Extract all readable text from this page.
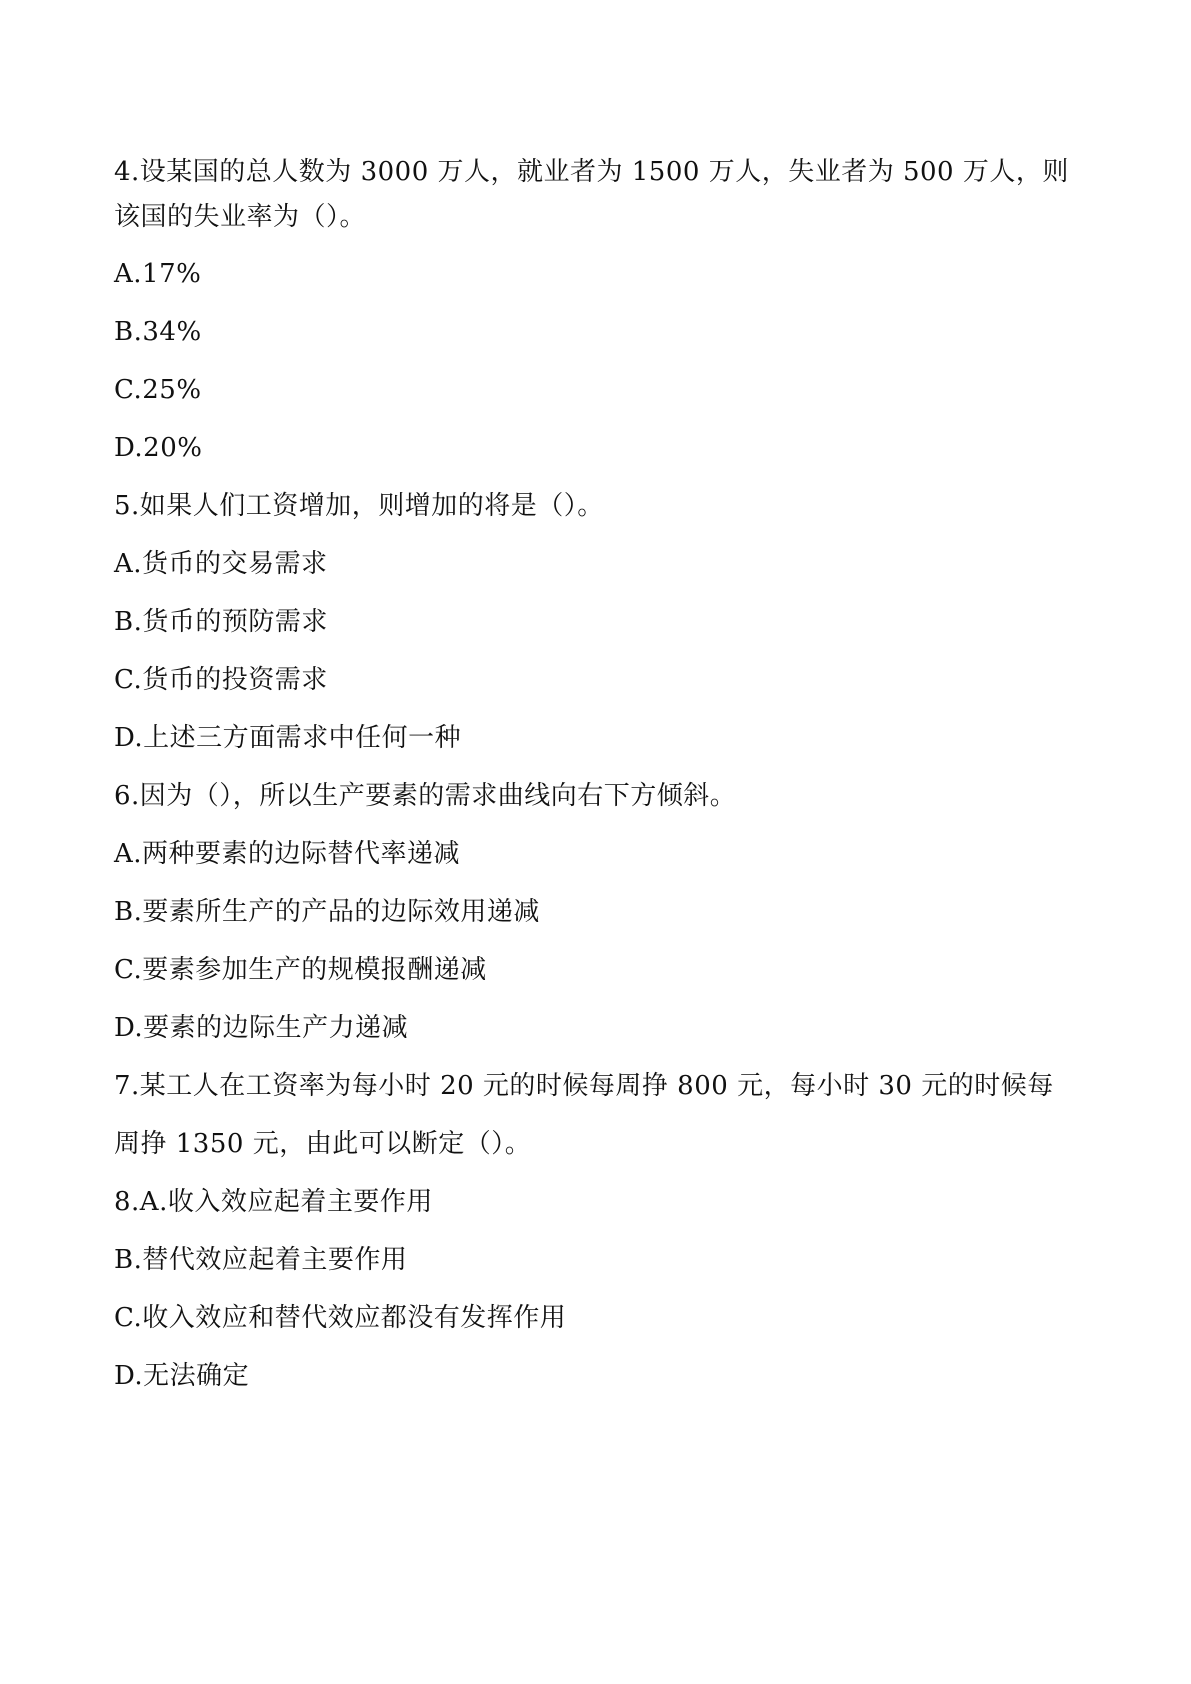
4.设某国的总人数为 3000 万人，就业者为 1500 万人，失业者为 500 万人，则
该国的失业率为（）。
A.17%
B.34%
C.25%
D.20%
5.如果人们工资增加，则增加的将是（）。
A.货币的交易需求
B.货币的预防需求
C.货币的投资需求
D.上述三方面需求中任何一种
6.因为（），所以生产要素的需求曲线向右下方倾斜。
A.两种要素的边际替代率递减
B.要素所生产的产品的边际效用递减
C.要素参加生产的规模报酬递减
D.要素的边际生产力递减
7.某工人在工资率为每小时 20 元的时候每周挣 800 元，每小时 30 元的时候每
周挣 1350 元，由此可以断定（）。
8.A.收入效应起着主要作用
B.替代效应起着主要作用
C.收入效应和替代效应都没有发挥作用
D.无法确定
